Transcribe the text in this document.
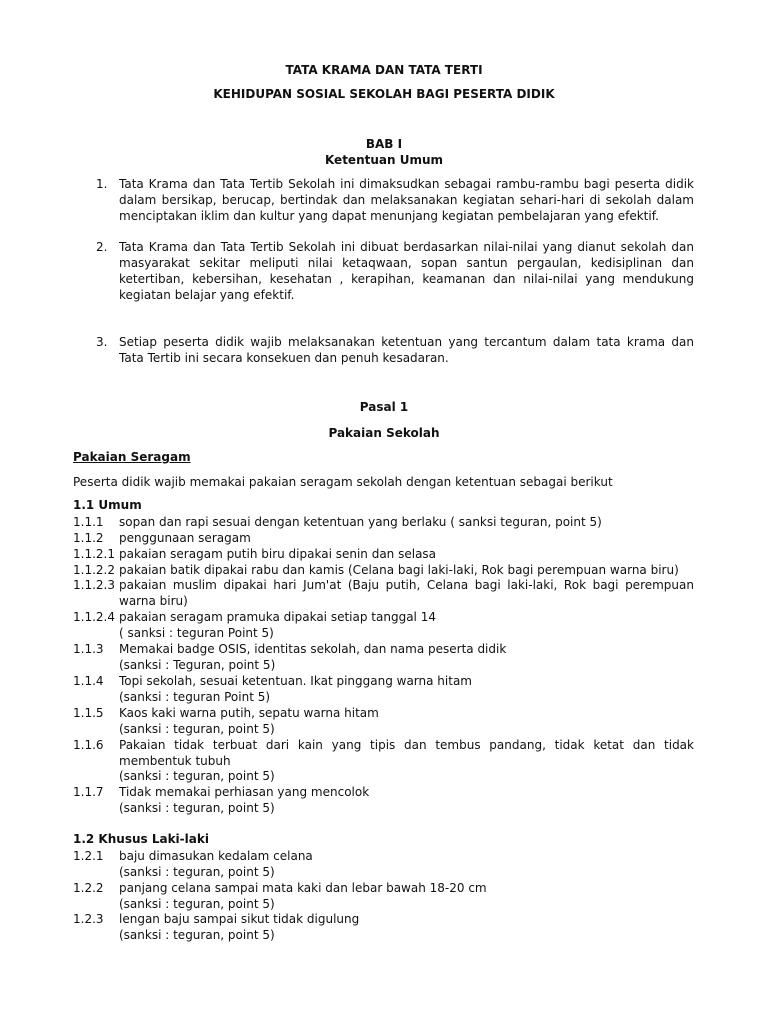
TATA KRAMA DAN TATA TERTI
KEHIDUPAN SOSIAL SEKOLAH BAGI PESERTA DIDIK
BAB I
Ketentuan Umum
1. Tata Krama dan Tata Tertib Sekolah ini dimaksudkan sebagai rambu-rambu bagi peserta didik dalam bersikap, berucap, bertindak dan melaksanakan kegiatan sehari-hari di sekolah dalam menciptakan iklim dan kultur yang dapat menunjang kegiatan pembelajaran yang efektif.
2. Tata Krama dan Tata Tertib Sekolah ini dibuat berdasarkan nilai-nilai yang dianut sekolah dan masyarakat sekitar meliputi nilai ketaqwaan, sopan santun pergaulan, kedisiplinan dan ketertiban, kebersihan, kesehatan , kerapihan, keamanan dan nilai-nilai yang mendukung kegiatan belajar yang efektif.
3. Setiap peserta didik wajib melaksanakan ketentuan yang tercantum dalam tata krama dan Tata Tertib ini secara konsekuen dan penuh kesadaran.
Pasal 1
Pakaian Sekolah
Pakaian Seragam
Peserta didik wajib memakai pakaian seragam sekolah dengan ketentuan sebagai berikut
1.1 Umum
1.1.1 sopan dan rapi sesuai dengan ketentuan yang berlaku ( sanksi teguran, point 5)
1.1.2 penggunaan seragam
1.1.2.1 pakaian seragam putih biru dipakai senin dan selasa
1.1.2.2 pakaian batik dipakai rabu dan kamis (Celana bagi laki-laki, Rok bagi perempuan warna biru)
1.1.2.3 pakaian muslim dipakai hari Jum'at (Baju putih, Celana bagi laki-laki, Rok bagi perempuan warna biru)
1.1.2.4 pakaian seragam pramuka dipakai setiap tanggal 14
( sanksi : teguran Point 5)
1.1.3 Memakai badge OSIS, identitas sekolah, dan nama peserta didik
(sanksi : Teguran, point 5)
1.1.4 Topi sekolah, sesuai ketentuan. Ikat pinggang warna hitam
(sanksi : teguran Point 5)
1.1.5 Kaos kaki warna putih, sepatu warna hitam
(sanksi : teguran, point 5)
1.1.6 Pakaian tidak terbuat dari kain yang tipis dan tembus pandang, tidak ketat dan tidak membentuk tubuh
(sanksi : teguran, point 5)
1.1.7 Tidak memakai perhiasan yang mencolok
(sanksi : teguran, point 5)
1.2 Khusus Laki-laki
1.2.1 baju dimasukan kedalam celana
(sanksi : teguran, point 5)
1.2.2 panjang celana sampai mata kaki dan lebar bawah 18-20 cm
(sanksi : teguran, point 5)
1.2.3 lengan baju sampai sikut tidak digulung
(sanksi : teguran, point 5)
